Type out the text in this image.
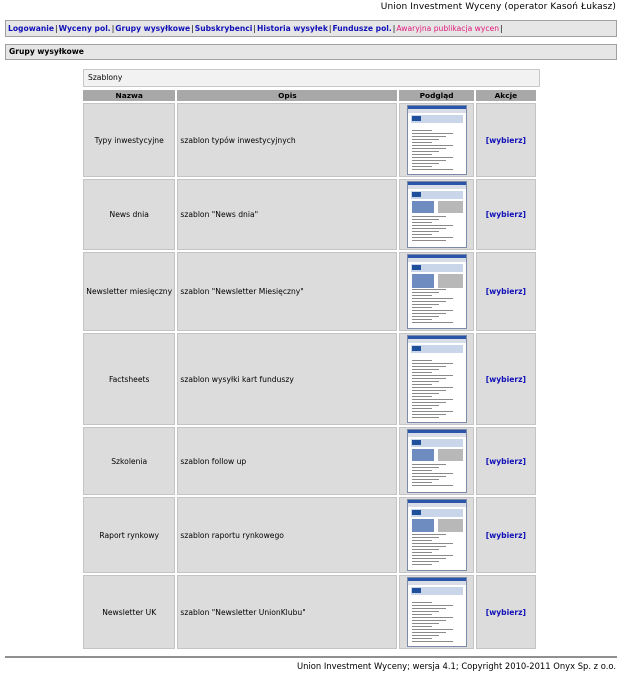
Union Investment Wyceny (operator Kasoń Łukasz)
Logowanie|Wyceny pol.|Grupy wysyłkowe|Subskrybenci|Historia wysyłek|Fundusze pol.|Awaryjna publikacja wycen|
Grupy wysyłkowe
Szablony
Nazwa	Opis	Podgląd	Akcje
Typy inwestycyjne	szablon typów inwestycyjnych		[wybierz]
News dnia	szablon "News dnia"		[wybierz]
Newsletter miesięczny	szablon "Newsletter Miesięczny"		[wybierz]
Factsheets	szablon wysyłki kart funduszy		[wybierz]
Szkolenia	szablon follow up		[wybierz]
Raport rynkowy	szablon raportu rynkowego		[wybierz]
Newsletter UK	szablon "Newsletter UnionKlubu"		[wybierz]
Union Investment Wyceny; wersja 4.1; Copyright 2010-2011 Onyx Sp. z o.o.
